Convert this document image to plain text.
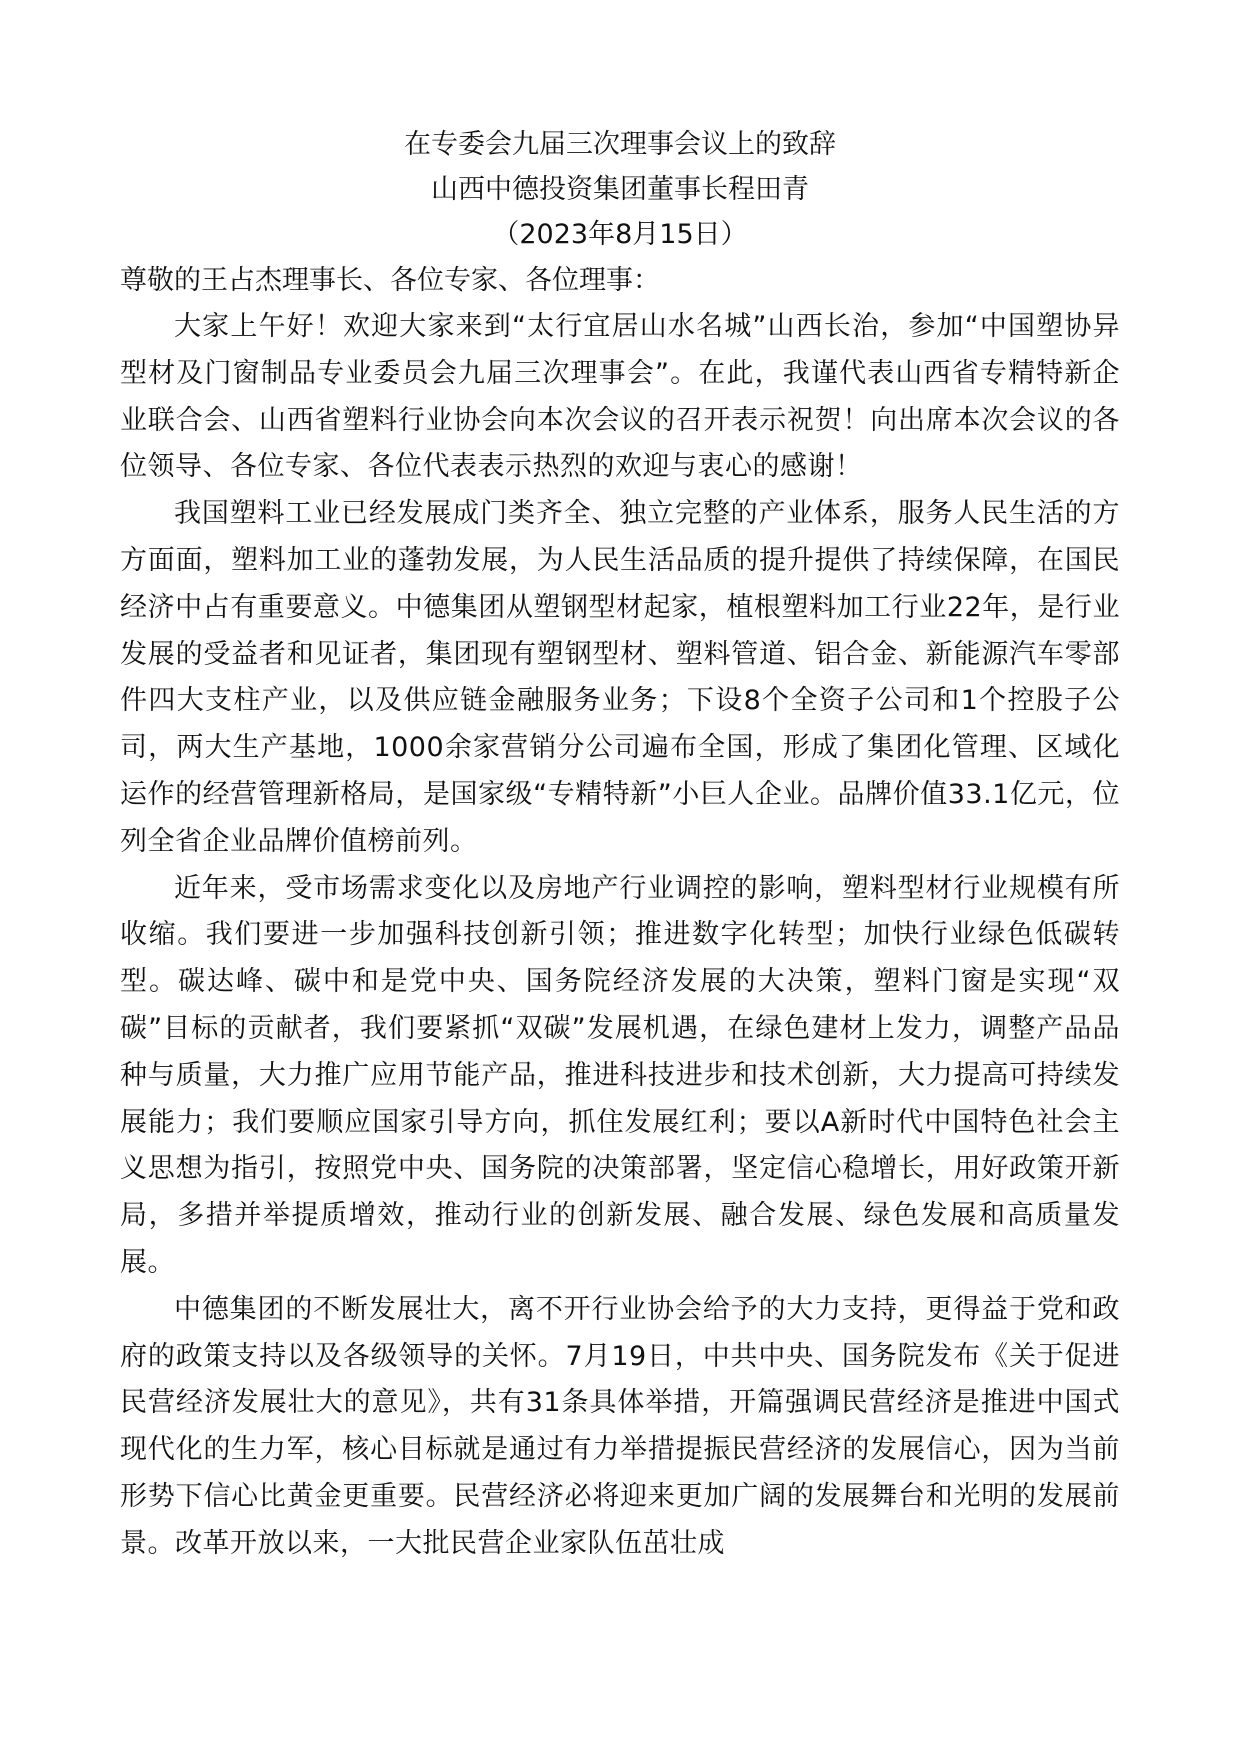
在专委会九届三次理事会议上的致辞

山西中德投资集团董事长程田青

（2023年8月15日）

尊敬的王占杰理事长、各位专家、各位理事：

大家上午好！欢迎大家来到“太行宜居山水名城”山西长治，参加“中国塑协异型材及门窗制品专业委员会九届三次理事会”。在此，我谨代表山西省专精特新企业联合会、山西省塑料行业协会向本次会议的召开表示祝贺！向出席本次会议的各位领导、各位专家、各位代表表示热烈的欢迎与衷心的感谢！

我国塑料工业已经发展成门类齐全、独立完整的产业体系，服务人民生活的方方面面，塑料加工业的蓬勃发展，为人民生活品质的提升提供了持续保障，在国民经济中占有重要意义。中德集团从塑钢型材起家，植根塑料加工行业22年，是行业发展的受益者和见证者，集团现有塑钢型材、塑料管道、铝合金、新能源汽车零部件四大支柱产业，以及供应链金融服务业务；下设8个全资子公司和1个控股子公司，两大生产基地，1000余家营销分公司遍布全国，形成了集团化管理、区域化运作的经营管理新格局，是国家级“专精特新”小巨人企业。品牌价值33.1亿元，位列全省企业品牌价值榜前列。

近年来，受市场需求变化以及房地产行业调控的影响，塑料型材行业规模有所收缩。我们要进一步加强科技创新引领；推进数字化转型；加快行业绿色低碳转型。碳达峰、碳中和是党中央、国务院经济发展的大决策，塑料门窗是实现“双碳”目标的贡献者，我们要紧抓“双碳”发展机遇，在绿色建材上发力，调整产品品种与质量，大力推广应用节能产品，推进科技进步和技术创新，大力提高可持续发展能力；我们要顺应国家引导方向，抓住发展红利；要以A新时代中国特色社会主义思想为指引，按照党中央、国务院的决策部署，坚定信心稳增长，用好政策开新局，多措并举提质增效，推动行业的创新发展、融合发展、绿色发展和高质量发展。

中德集团的不断发展壮大，离不开行业协会给予的大力支持，更得益于党和政府的政策支持以及各级领导的关怀。7月19日，中共中央、国务院发布《关于促进民营经济发展壮大的意见》，共有31条具体举措，开篇强调民营经济是推进中国式现代化的生力军，核心目标就是通过有力举措提振民营经济的发展信心，因为当前形势下信心比黄金更重要。民营经济必将迎来更加广阔的发展舞台和光明的发展前景。改革开放以来，一大批民营企业家队伍茁壮成
